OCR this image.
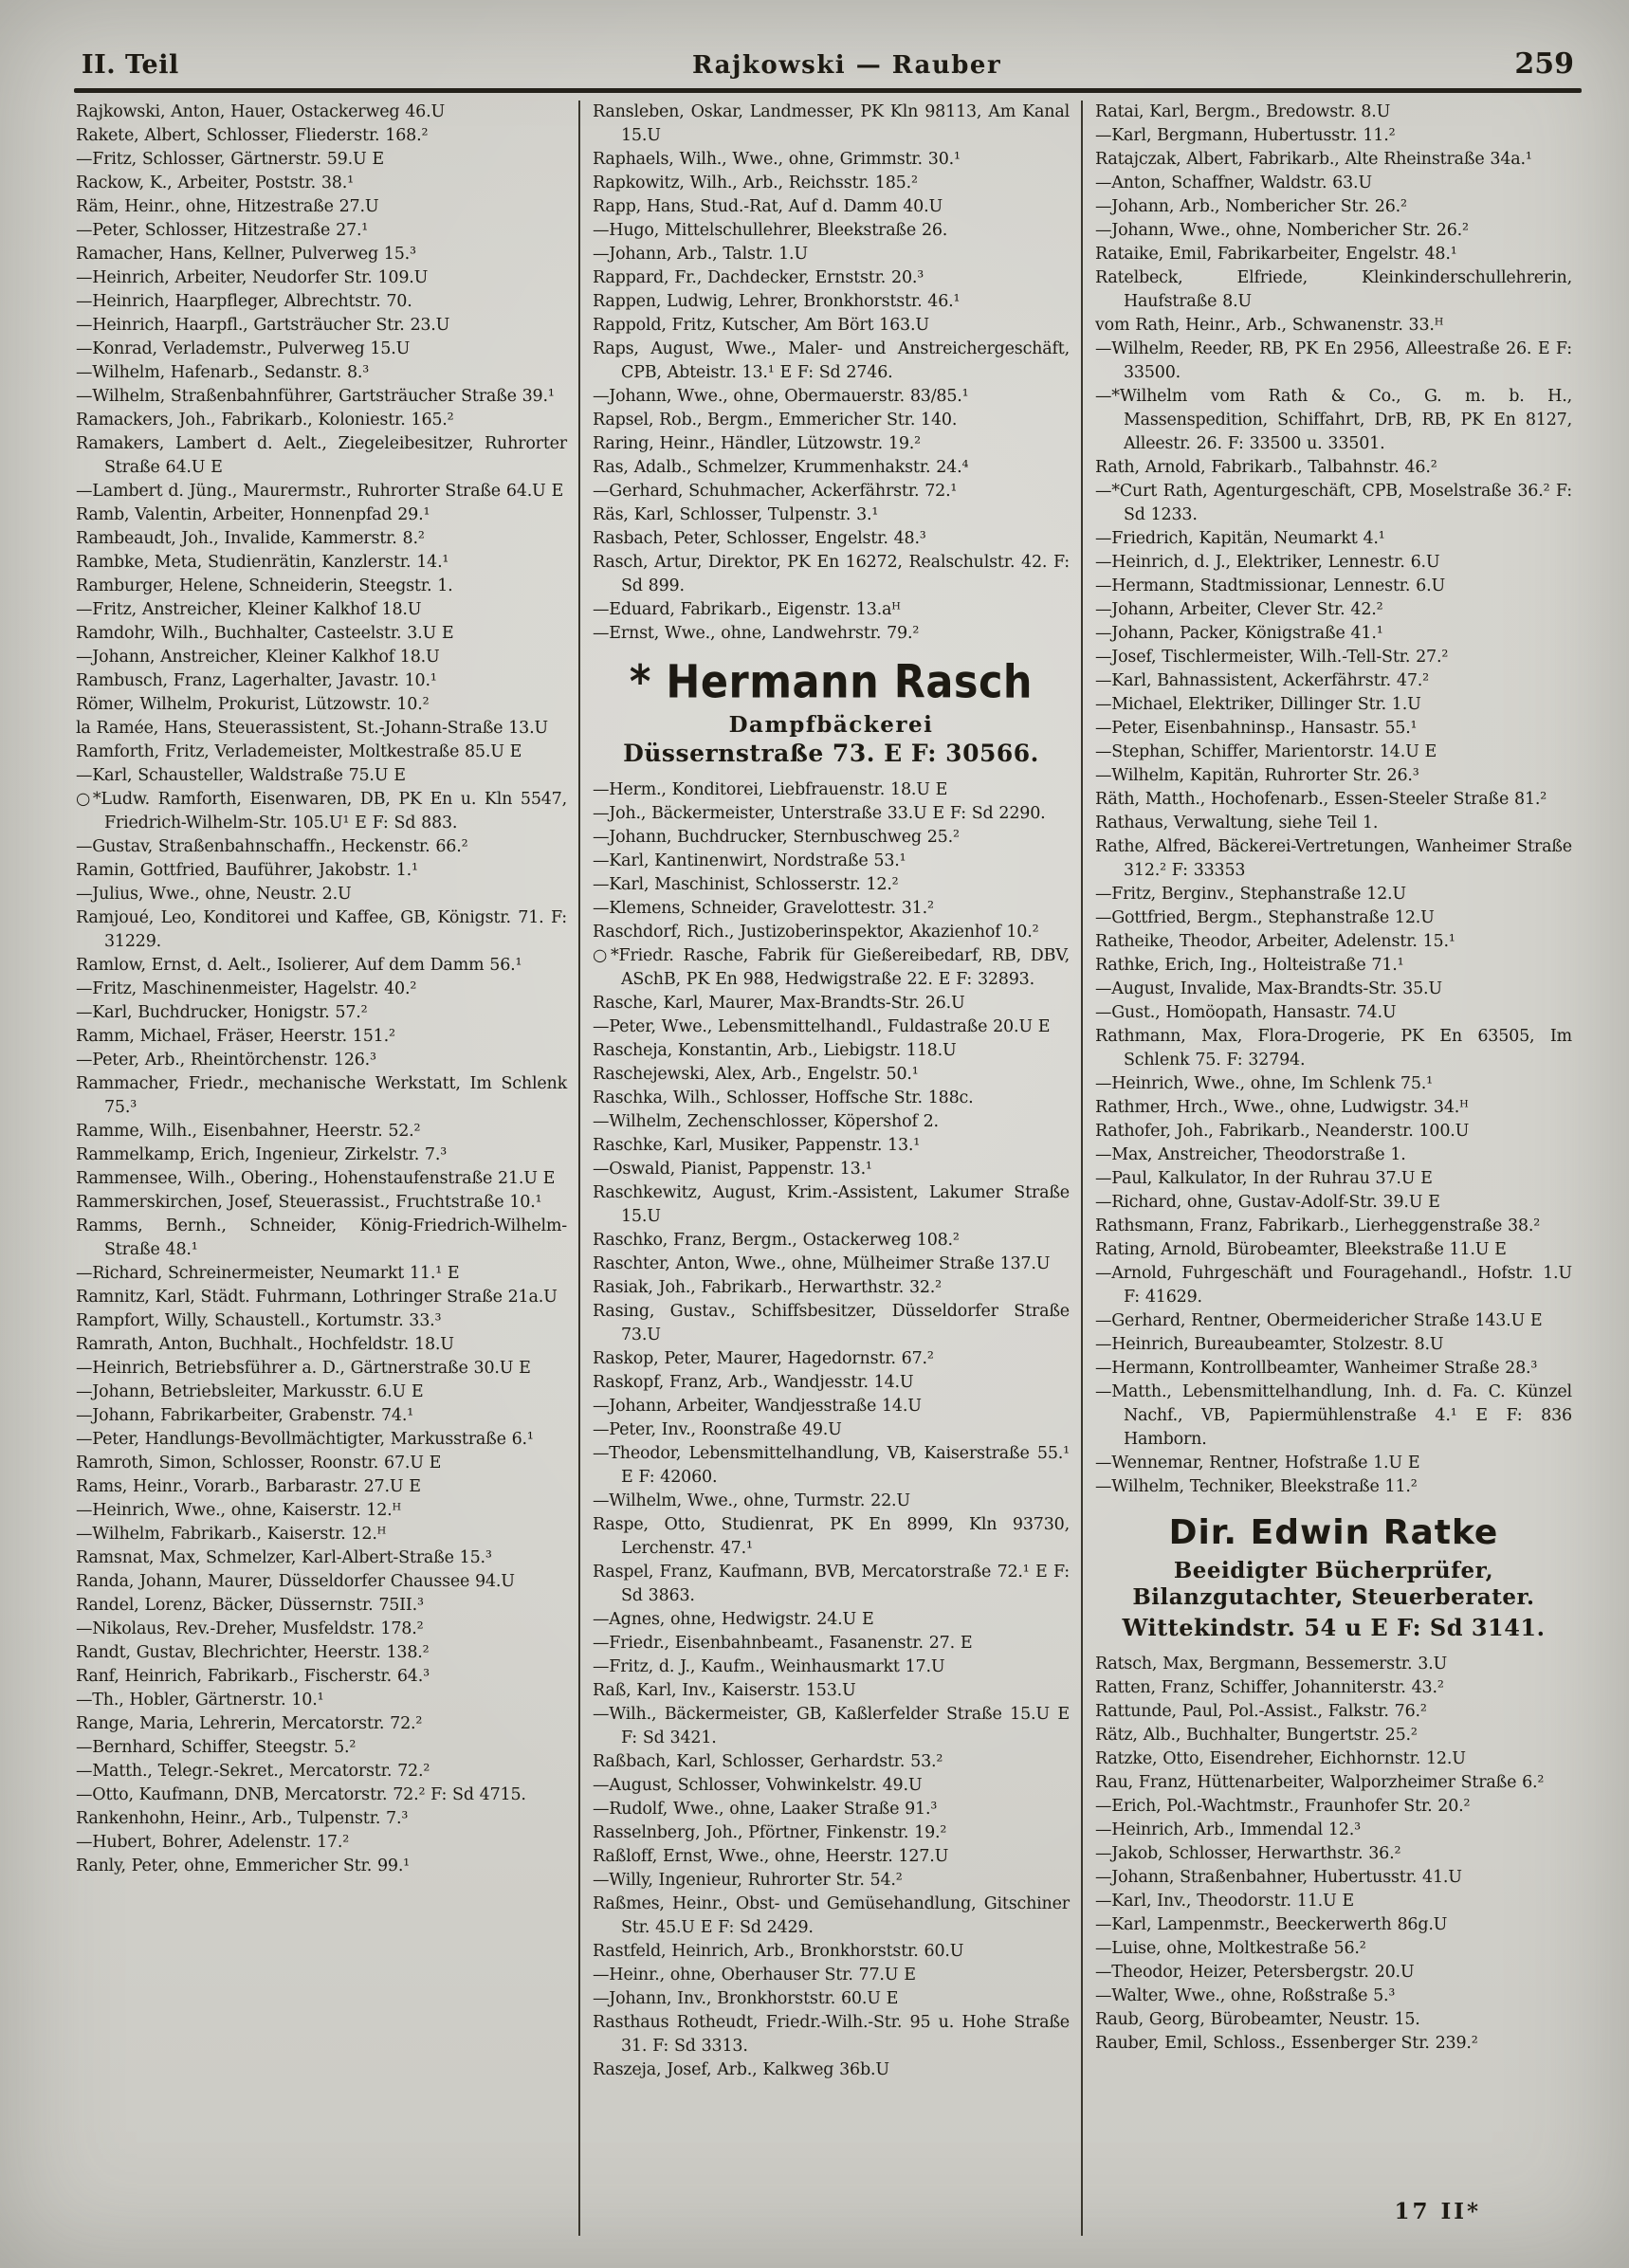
II. Teil	Rajkowski — Rauber	259
Rajkowski, Anton, Hauer, Ostackerweg 46.U
Rakete, Albert, Schlosser, Fliederstr. 168.²
—Fritz, Schlosser, Gärtnerstr. 59.U E
Rackow, K., Arbeiter, Poststr. 38.¹
Räm, Heinr., ohne, Hitzestraße 27.U
—Peter, Schlosser, Hitzestraße 27.¹
Ramacher, Hans, Kellner, Pulverweg 15.³
—Heinrich, Arbeiter, Neudorfer Str. 109.U
—Heinrich, Haarpfleger, Albrechtstr. 70.
—Heinrich, Haarpfl., Gartsträucher Str. 23.U
—Konrad, Verlademstr., Pulverweg 15.U
—Wilhelm, Hafenarb., Sedanstr. 8.³
—Wilhelm, Straßenbahnführer, Gartsträucher Straße 39.¹
Ramackers, Joh., Fabrikarb., Koloniestr. 165.²
Ramakers, Lambert d. Aelt., Ziegeleibesitzer, Ruhrorter Straße 64.U E
—Lambert d. Jüng., Maurermstr., Ruhrorter Straße 64.U E
Ramb, Valentin, Arbeiter, Honnenpfad 29.¹
Rambeaudt, Joh., Invalide, Kammerstr. 8.²
Rambke, Meta, Studienrätin, Kanzlerstr. 14.¹
Ramburger, Helene, Schneiderin, Steegstr. 1.
—Fritz, Anstreicher, Kleiner Kalkhof 18.U
Ramdohr, Wilh., Buchhalter, Casteelstr. 3.U E
—Johann, Anstreicher, Kleiner Kalkhof 18.U
Rambusch, Franz, Lagerhalter, Javastr. 10.¹
Römer, Wilhelm, Prokurist, Lützowstr. 10.²
la Ramée, Hans, Steuerassistent, St.-Johann-Straße 13.U
Ramforth, Fritz, Verlademeister, Moltkestraße 85.U E
—Karl, Schausteller, Waldstraße 75.U E
○*Ludw. Ramforth, Eisenwaren, DB, PK En u. Kln 5547, Friedrich-Wilhelm-Str. 105.U¹ E F: Sd 883.
—Gustav, Straßenbahnschaffn., Heckenstr. 66.²
Ramin, Gottfried, Bauführer, Jakobstr. 1.¹
—Julius, Wwe., ohne, Neustr. 2.U
Ramjoué, Leo, Konditorei und Kaffee, GB, Königstr. 71. F: 31229.
Ramlow, Ernst, d. Aelt., Isolierer, Auf dem Damm 56.¹
—Fritz, Maschinenmeister, Hagelstr. 40.²
—Karl, Buchdrucker, Honigstr. 57.²
Ramm, Michael, Fräser, Heerstr. 151.²
—Peter, Arb., Rheintörchenstr. 126.³
Rammacher, Friedr., mechanische Werkstatt, Im Schlenk 75.³
Ramme, Wilh., Eisenbahner, Heerstr. 52.²
Rammelkamp, Erich, Ingenieur, Zirkelstr. 7.³
Rammensee, Wilh., Obering., Hohenstaufenstraße 21.U E
Rammerskirchen, Josef, Steuerassist., Fruchtstraße 10.¹
Ramms, Bernh., Schneider, König-Friedrich-Wilhelm-Straße 48.¹
—Richard, Schreinermeister, Neumarkt 11.¹ E
Ramnitz, Karl, Städt. Fuhrmann, Lothringer Straße 21a.U
Rampfort, Willy, Schaustell., Kortumstr. 33.³
Ramrath, Anton, Buchhalt., Hochfeldstr. 18.U
—Heinrich, Betriebsführer a. D., Gärtnerstraße 30.U E
—Johann, Betriebsleiter, Markusstr. 6.U E
—Johann, Fabrikarbeiter, Grabenstr. 74.¹
—Peter, Handlungs-Bevollmächtigter, Markusstraße 6.¹
Ramroth, Simon, Schlosser, Roonstr. 67.U E
Rams, Heinr., Vorarb., Barbarastr. 27.U E
—Heinrich, Wwe., ohne, Kaiserstr. 12.ᴴ
—Wilhelm, Fabrikarb., Kaiserstr. 12.ᴴ
Ramsnat, Max, Schmelzer, Karl-Albert-Straße 15.³
Randa, Johann, Maurer, Düsseldorfer Chaussee 94.U
Randel, Lorenz, Bäcker, Düssernstr. 75II.³
—Nikolaus, Rev.-Dreher, Musfeldstr. 178.²
Randt, Gustav, Blechrichter, Heerstr. 138.²
Ranf, Heinrich, Fabrikarb., Fischerstr. 64.³
—Th., Hobler, Gärtnerstr. 10.¹
Range, Maria, Lehrerin, Mercatorstr. 72.²
—Bernhard, Schiffer, Steegstr. 5.²
—Matth., Telegr.-Sekret., Mercatorstr. 72.²
—Otto, Kaufmann, DNB, Mercatorstr. 72.² F: Sd 4715.
Rankenhohn, Heinr., Arb., Tulpenstr. 7.³
—Hubert, Bohrer, Adelenstr. 17.²
Ranly, Peter, ohne, Emmericher Str. 99.¹
Ransleben, Oskar, Landmesser, PK Kln 98113, Am Kanal 15.U
Raphaels, Wilh., Wwe., ohne, Grimmstr. 30.¹
Rapkowitz, Wilh., Arb., Reichsstr. 185.²
Rapp, Hans, Stud.-Rat, Auf d. Damm 40.U
—Hugo, Mittelschullehrer, Bleekstraße 26.
—Johann, Arb., Talstr. 1.U
Rappard, Fr., Dachdecker, Ernststr. 20.³
Rappen, Ludwig, Lehrer, Bronkhorststr. 46.¹
Rappold, Fritz, Kutscher, Am Bört 163.U
Raps, August, Wwe., Maler- und Anstreichergeschäft, CPB, Abteistr. 13.¹ E F: Sd 2746.
—Johann, Wwe., ohne, Obermauerstr. 83/85.¹
Rapsel, Rob., Bergm., Emmericher Str. 140.
Raring, Heinr., Händler, Lützowstr. 19.²
Ras, Adalb., Schmelzer, Krummenhakstr. 24.⁴
—Gerhard, Schuhmacher, Ackerfährstr. 72.¹
Räs, Karl, Schlosser, Tulpenstr. 3.¹
Rasbach, Peter, Schlosser, Engelstr. 48.³
Rasch, Artur, Direktor, PK En 16272, Realschulstr. 42. F: Sd 899.
—Eduard, Fabrikarb., Eigenstr. 13.aᴴ
—Ernst, Wwe., ohne, Landwehrstr. 79.²
* Hermann Rasch
Dampfbäckerei
Düssernstraße 73. E F: 30566.
—Herm., Konditorei, Liebfrauenstr. 18.U E
—Joh., Bäckermeister, Unterstraße 33.U E F: Sd 2290.
—Johann, Buchdrucker, Sternbuschweg 25.²
—Karl, Kantinenwirt, Nordstraße 53.¹
—Karl, Maschinist, Schlosserstr. 12.²
—Klemens, Schneider, Gravelottestr. 31.²
Raschdorf, Rich., Justizoberinspektor, Akazienhof 10.²
○*Friedr. Rasche, Fabrik für Gießereibedarf, RB, DBV, ASchB, PK En 988, Hedwigstraße 22. E F: 32893.
Rasche, Karl, Maurer, Max-Brandts-Str. 26.U
—Peter, Wwe., Lebensmittelhandl., Fuldastraße 20.U E
Rascheja, Konstantin, Arb., Liebigstr. 118.U
Raschejewski, Alex, Arb., Engelstr. 50.¹
Raschka, Wilh., Schlosser, Hoffsche Str. 188c.
—Wilhelm, Zechenschlosser, Köpershof 2.
Raschke, Karl, Musiker, Pappenstr. 13.¹
—Oswald, Pianist, Pappenstr. 13.¹
Raschkewitz, August, Krim.-Assistent, Lakumer Straße 15.U
Raschko, Franz, Bergm., Ostackerweg 108.²
Raschter, Anton, Wwe., ohne, Mülheimer Straße 137.U
Rasiak, Joh., Fabrikarb., Herwarthstr. 32.²
Rasing, Gustav., Schiffsbesitzer, Düsseldorfer Straße 73.U
Raskop, Peter, Maurer, Hagedornstr. 67.²
Raskopf, Franz, Arb., Wandjesstr. 14.U
—Johann, Arbeiter, Wandjesstraße 14.U
—Peter, Inv., Roonstraße 49.U
—Theodor, Lebensmittelhandlung, VB, Kaiserstraße 55.¹ E F: 42060.
—Wilhelm, Wwe., ohne, Turmstr. 22.U
Raspe, Otto, Studienrat, PK En 8999, Kln 93730, Lerchenstr. 47.¹
Raspel, Franz, Kaufmann, BVB, Mercatorstraße 72.¹ E F: Sd 3863.
—Agnes, ohne, Hedwigstr. 24.U E
—Friedr., Eisenbahnbeamt., Fasanenstr. 27. E
—Fritz, d. J., Kaufm., Weinhausmarkt 17.U
Raß, Karl, Inv., Kaiserstr. 153.U
—Wilh., Bäckermeister, GB, Kaßlerfelder Straße 15.U E F: Sd 3421.
Raßbach, Karl, Schlosser, Gerhardstr. 53.²
—August, Schlosser, Vohwinkelstr. 49.U
—Rudolf, Wwe., ohne, Laaker Straße 91.³
Rasselnberg, Joh., Pförtner, Finkenstr. 19.²
Raßloff, Ernst, Wwe., ohne, Heerstr. 127.U
—Willy, Ingenieur, Ruhrorter Str. 54.²
Raßmes, Heinr., Obst- und Gemüsehandlung, Gitschiner Str. 45.U E F: Sd 2429.
Rastfeld, Heinrich, Arb., Bronkhorststr. 60.U
—Heinr., ohne, Oberhauser Str. 77.U E
—Johann, Inv., Bronkhorststr. 60.U E
Rasthaus Rotheudt, Friedr.-Wilh.-Str. 95 u. Hohe Straße 31. F: Sd 3313.
Raszeja, Josef, Arb., Kalkweg 36b.U
Ratai, Karl, Bergm., Bredowstr. 8.U
—Karl, Bergmann, Hubertusstr. 11.²
Ratajczak, Albert, Fabrikarb., Alte Rheinstraße 34a.¹
—Anton, Schaffner, Waldstr. 63.U
—Johann, Arb., Nombericher Str. 26.²
—Johann, Wwe., ohne, Nombericher Str. 26.²
Rataike, Emil, Fabrikarbeiter, Engelstr. 48.¹
Ratelbeck, Elfriede, Kleinkinderschullehrerin, Haufstraße 8.U
vom Rath, Heinr., Arb., Schwanenstr. 33.ᴴ
—Wilhelm, Reeder, RB, PK En 2956, Alleestraße 26. E F: 33500.
—*Wilhelm vom Rath & Co., G. m. b. H., Massenspedition, Schiffahrt, DrB, RB, PK En 8127, Alleestr. 26. F: 33500 u. 33501.
Rath, Arnold, Fabrikarb., Talbahnstr. 46.²
—*Curt Rath, Agenturgeschäft, CPB, Moselstraße 36.² F: Sd 1233.
—Friedrich, Kapitän, Neumarkt 4.¹
—Heinrich, d. J., Elektriker, Lennestr. 6.U
—Hermann, Stadtmissionar, Lennestr. 6.U
—Johann, Arbeiter, Clever Str. 42.²
—Johann, Packer, Königstraße 41.¹
—Josef, Tischlermeister, Wilh.-Tell-Str. 27.²
—Karl, Bahnassistent, Ackerfährstr. 47.²
—Michael, Elektriker, Dillinger Str. 1.U
—Peter, Eisenbahninsp., Hansastr. 55.¹
—Stephan, Schiffer, Marientorstr. 14.U E
—Wilhelm, Kapitän, Ruhrorter Str. 26.³
Räth, Matth., Hochofenarb., Essen-Steeler Straße 81.²
Rathaus, Verwaltung, siehe Teil 1.
Rathe, Alfred, Bäckerei-Vertretungen, Wanheimer Straße 312.² F: 33353
—Fritz, Berginv., Stephanstraße 12.U
—Gottfried, Bergm., Stephanstraße 12.U
Ratheike, Theodor, Arbeiter, Adelenstr. 15.¹
Rathke, Erich, Ing., Holteistraße 71.¹
—August, Invalide, Max-Brandts-Str. 35.U
—Gust., Homöopath, Hansastr. 74.U
Rathmann, Max, Flora-Drogerie, PK En 63505, Im Schlenk 75. F: 32794.
—Heinrich, Wwe., ohne, Im Schlenk 75.¹
Rathmer, Hrch., Wwe., ohne, Ludwigstr. 34.ᴴ
Rathofer, Joh., Fabrikarb., Neanderstr. 100.U
—Max, Anstreicher, Theodorstraße 1.
—Paul, Kalkulator, In der Ruhrau 37.U E
—Richard, ohne, Gustav-Adolf-Str. 39.U E
Rathsmann, Franz, Fabrikarb., Lierheggenstraße 38.²
Rating, Arnold, Bürobeamter, Bleekstraße 11.U E
—Arnold, Fuhrgeschäft und Fouragehandl., Hofstr. 1.U F: 41629.
—Gerhard, Rentner, Obermeidericher Straße 143.U E
—Heinrich, Bureaubeamter, Stolzestr. 8.U
—Hermann, Kontrollbeamter, Wanheimer Straße 28.³
—Matth., Lebensmittelhandlung, Inh. d. Fa. C. Künzel Nachf., VB, Papiermühlenstraße 4.¹ E F: 836 Hamborn.
—Wennemar, Rentner, Hofstraße 1.U E
—Wilhelm, Techniker, Bleekstraße 11.²
Dir. Edwin Ratke
Beeidigter Bücherprüfer,
Bilanzgutachter, Steuerberater.
Wittekindstr. 54 u E F: Sd 3141.
Ratsch, Max, Bergmann, Bessemerstr. 3.U
Ratten, Franz, Schiffer, Johanniterstr. 43.²
Rattunde, Paul, Pol.-Assist., Falkstr. 76.²
Rätz, Alb., Buchhalter, Bungertstr. 25.²
Ratzke, Otto, Eisendreher, Eichhornstr. 12.U
Rau, Franz, Hüttenarbeiter, Walporzheimer Straße 6.²
—Erich, Pol.-Wachtmstr., Fraunhofer Str. 20.²
—Heinrich, Arb., Immendal 12.³
—Jakob, Schlosser, Herwarthstr. 36.²
—Johann, Straßenbahner, Hubertusstr. 41.U
—Karl, Inv., Theodorstr. 11.U E
—Karl, Lampenmstr., Beeckerwerth 86g.U
—Luise, ohne, Moltkestraße 56.²
—Theodor, Heizer, Petersbergstr. 20.U
—Walter, Wwe., ohne, Roßstraße 5.³
Raub, Georg, Bürobeamter, Neustr. 15.
Rauber, Emil, Schloss., Essenberger Str. 239.²
17 II*
